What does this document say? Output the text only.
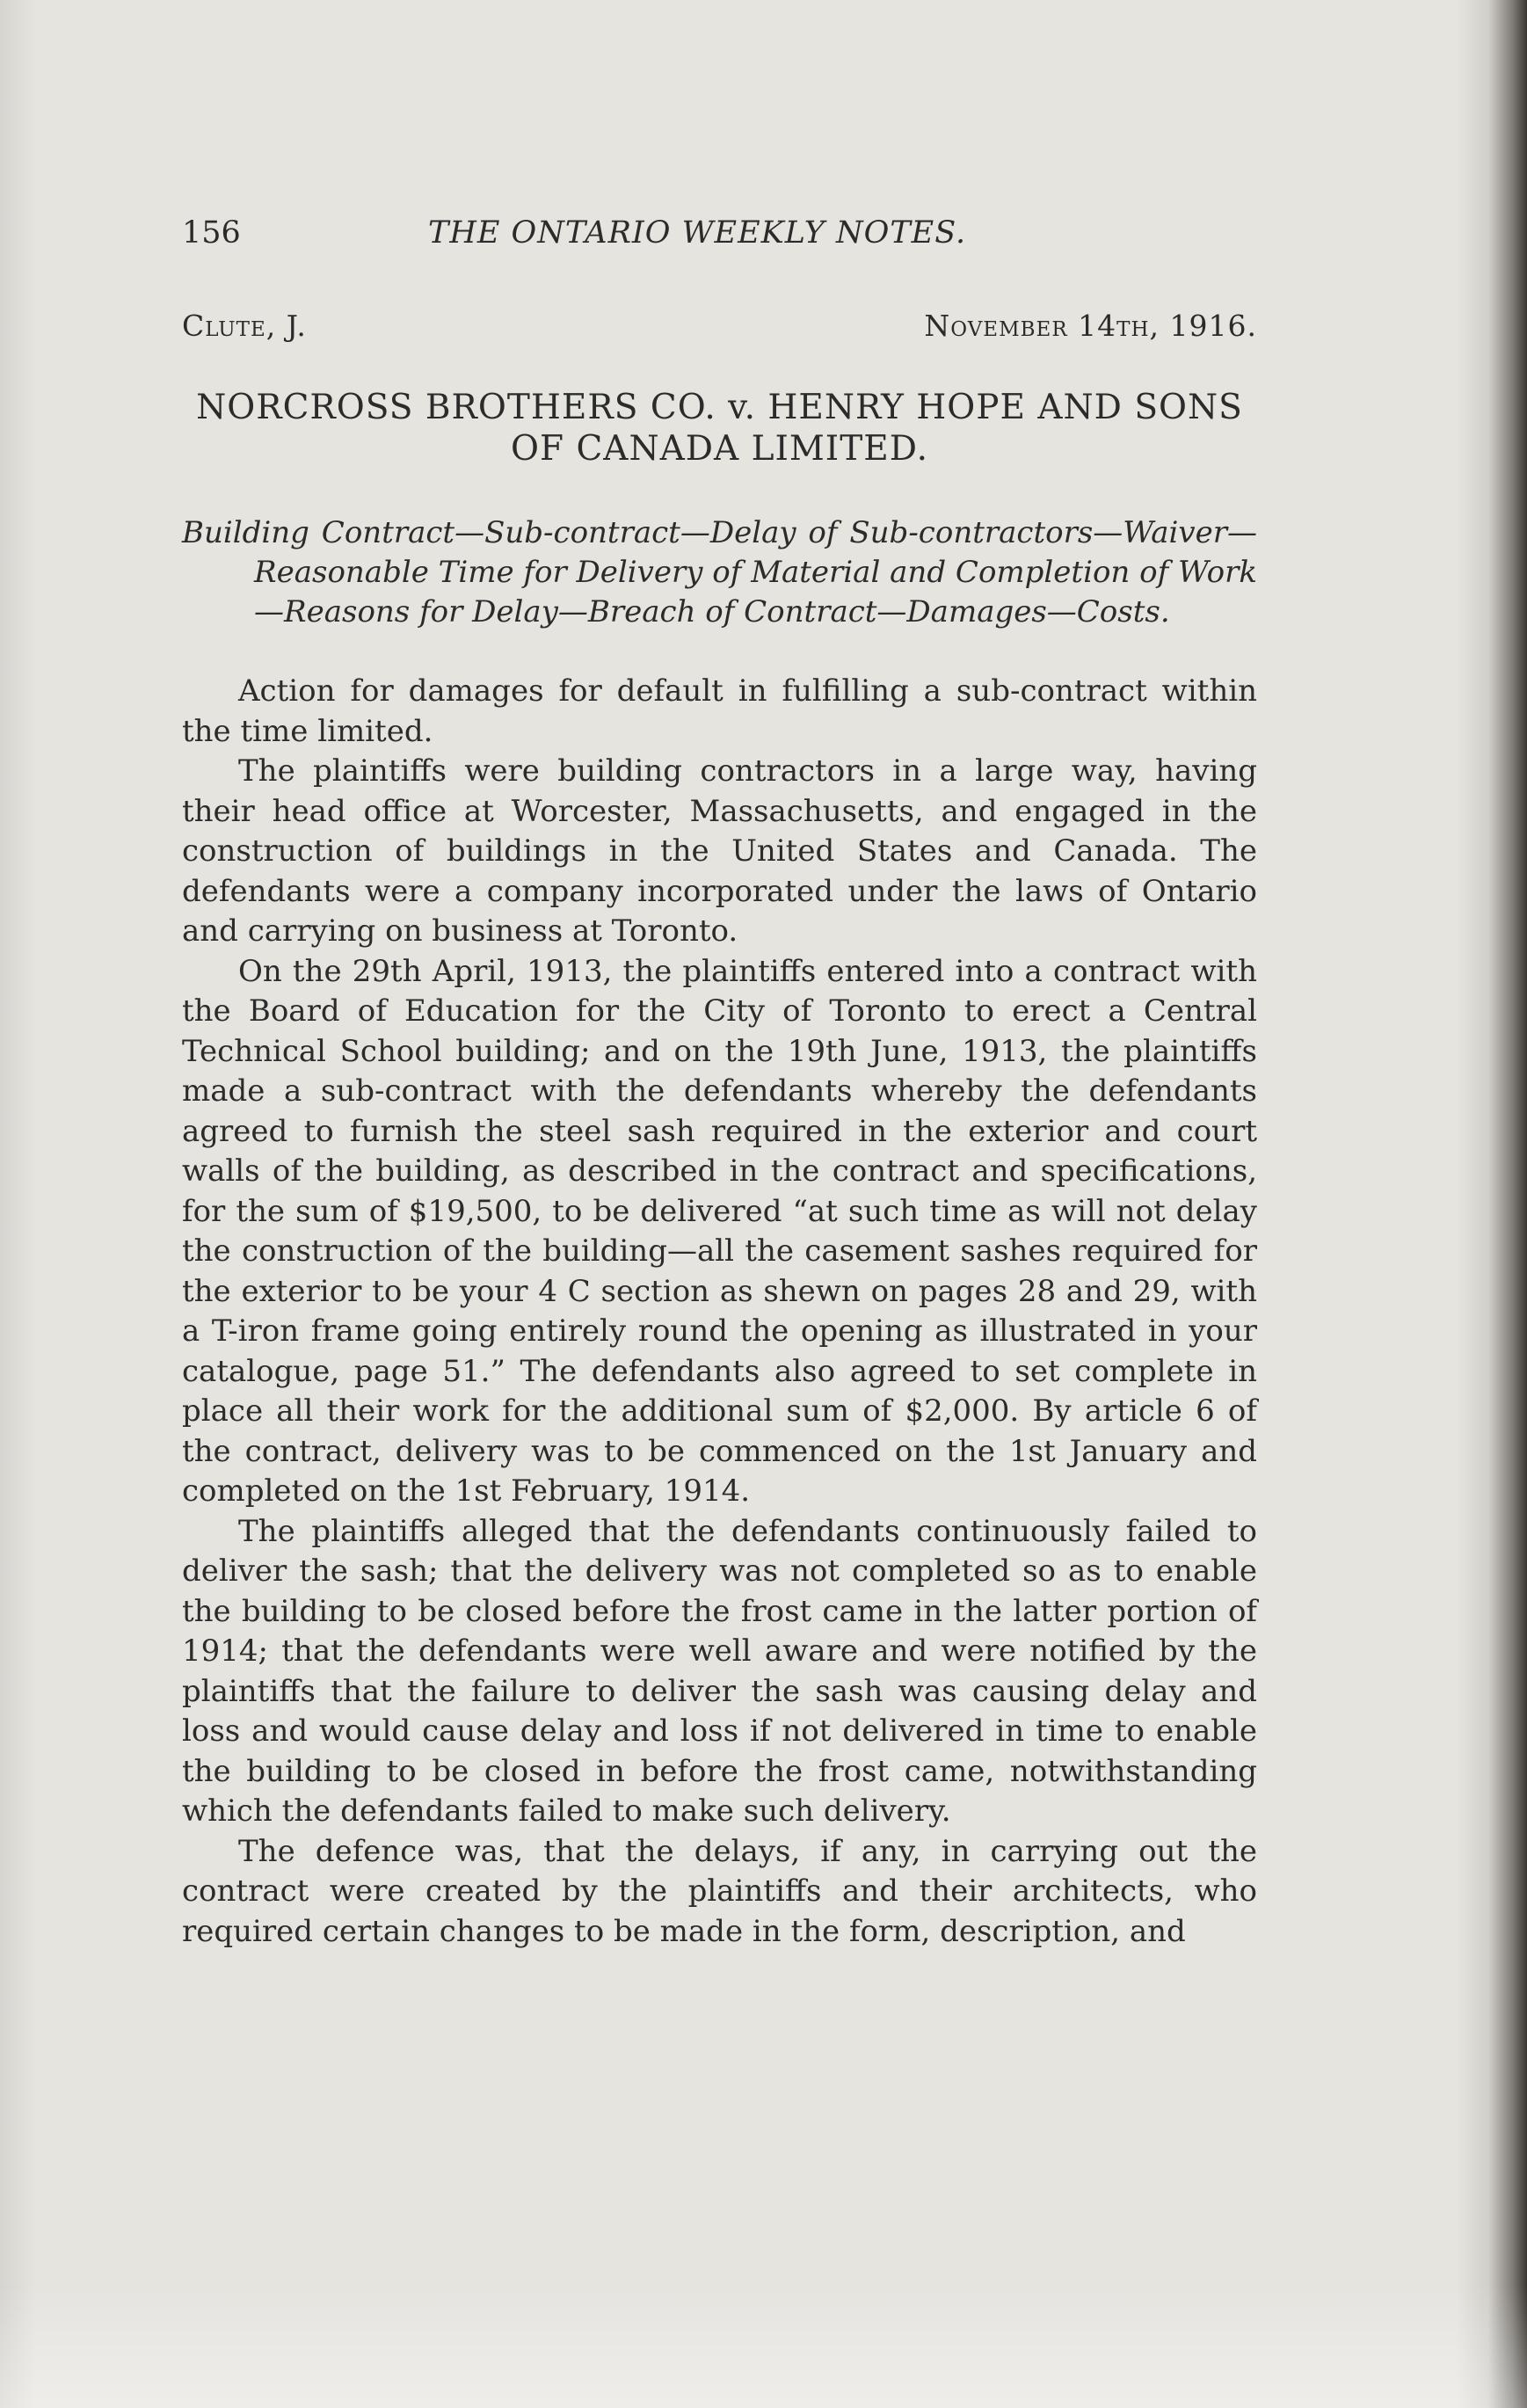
156	THE ONTARIO WEEKLY NOTES.
Clute, J.	November 14th, 1916.
NORCROSS BROTHERS CO. v. HENRY HOPE AND SONS OF CANADA LIMITED.
Building Contract—Sub-contract—Delay of Sub-contractors—Waiver—Reasonable Time for Delivery of Material and Completion of Work—Reasons for Delay—Breach of Contract—Damages—Costs.

Action for damages for default in fulfilling a sub-contract within the time limited.

The plaintiffs were building contractors in a large way, having their head office at Worcester, Massachusetts, and engaged in the construction of buildings in the United States and Canada. The defendants were a company incorporated under the laws of Ontario and carrying on business at Toronto.

On the 29th April, 1913, the plaintiffs entered into a contract with the Board of Education for the City of Toronto to erect a Central Technical School building; and on the 19th June, 1913, the plaintiffs made a sub-contract with the defendants whereby the defendants agreed to furnish the steel sash required in the exterior and court walls of the building, as described in the contract and specifications, for the sum of $19,500, to be delivered “at such time as will not delay the construction of the building—all the casement sashes required for the exterior to be your 4 C section as shewn on pages 28 and 29, with a T-iron frame going entirely round the opening as illustrated in your catalogue, page 51.” The defendants also agreed to set complete in place all their work for the additional sum of $2,000. By article 6 of the contract, delivery was to be commenced on the 1st January and completed on the 1st February, 1914.

The plaintiffs alleged that the defendants continuously failed to deliver the sash; that the delivery was not completed so as to enable the building to be closed before the frost came in the latter portion of 1914; that the defendants were well aware and were notified by the plaintiffs that the failure to deliver the sash was causing delay and loss and would cause delay and loss if not delivered in time to enable the building to be closed in before the frost came, notwithstanding which the defendants failed to make such delivery.

The defence was, that the delays, if any, in carrying out the contract were created by the plaintiffs and their architects, who required certain changes to be made in the form, description, and
